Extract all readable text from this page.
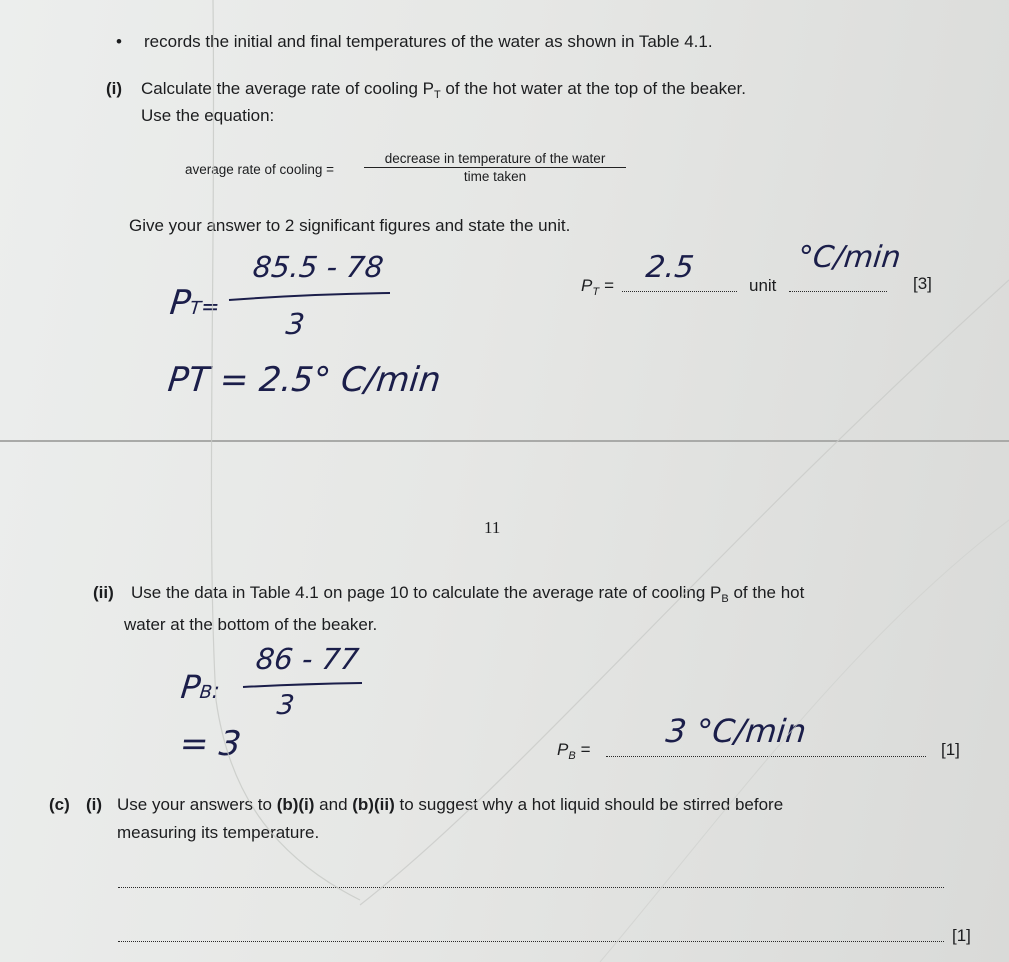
• records the initial and final temperatures of the water as shown in Table 4.1.
(i) Calculate the average rate of cooling $P_T$ of the hot water at the top of the beaker.
Use the equation:
average rate of cooling =
decrease in temperature of the water
time taken
Give your answer to 2 significant figures and state the unit.
PT=
85.5 - 78
3
PT = 2.5° C/min
$P_T$ =
2.5
unit
°C/min
[3]
11
(ii) Use the data in Table 4.1 on page 10 to calculate the average rate of cooling $P_B$ of the hot
water at the bottom of the beaker.
PB:
86 - 77
3
= 3	$P_B = 3$ °C/min	[1]
(c) (i) Use your answers to (b)(i) and (b)(ii) to suggest why a hot liquid should be stirred before
measuring its temperature.
[1]
